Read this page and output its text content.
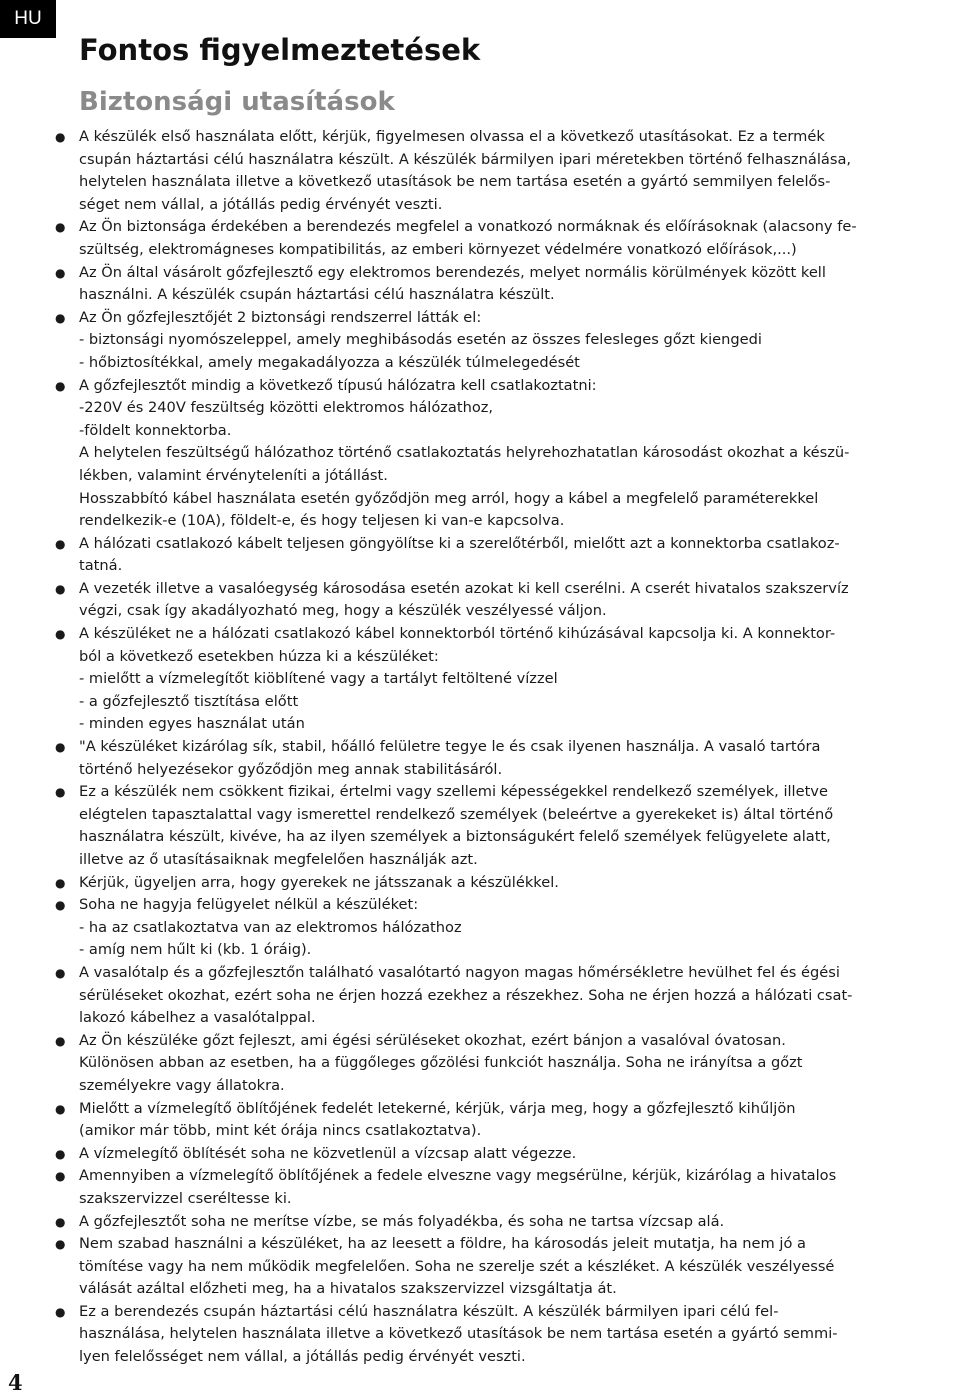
HU
Fontos figyelmeztetések
Biztonsági utasítások
● A készülék első használata előtt, kérjük, figyelmesen olvassa el a következő utasításokat. Ez a termék
csupán háztartási célú használatra készült. A készülék bármilyen ipari méretekben történő felhasználása,
helytelen használata illetve a következő utasítások be nem tartása esetén a gyártó semmilyen felelős-
séget nem vállal, a jótállás pedig érvényét veszti.
● Az Ön biztonsága érdekében a berendezés megfelel a vonatkozó normáknak és előírásoknak (alacsony fe-
szültség, elektromágneses kompatibilitás, az emberi környezet védelmére vonatkozó előírások,...)
● Az Ön által vásárolt gőzfejlesztő egy elektromos berendezés, melyet normális körülmények között kell
használni. A készülék csupán háztartási célú használatra készült.
● Az Ön gőzfejlesztőjét 2 biztonsági rendszerrel látták el:
- biztonsági nyomószeleppel, amely meghibásodás esetén az összes felesleges gőzt kiengedi
- hőbiztosítékkal, amely megakadályozza a készülék túlmelegedését
● A gőzfejlesztőt mindig a következő típusú hálózatra kell csatlakoztatni:
-220V és 240V feszültség közötti elektromos hálózathoz,
-földelt konnektorba.
A helytelen feszültségű hálózathoz történő csatlakoztatás helyrehozhatatlan károsodást okozhat a készü-
lékben, valamint érvényteleníti a jótállást.
Hosszabbító kábel használata esetén győződjön meg arról, hogy a kábel a megfelelő paraméterekkel
rendelkezik-e (10A), földelt-e, és hogy teljesen ki van-e kapcsolva.
● A hálózati csatlakozó kábelt teljesen göngyölítse ki a szerelőtérből, mielőtt azt a konnektorba csatlakoz-
tatná.
● A vezeték illetve a vasalóegység károsodása esetén azokat ki kell cserélni. A cserét hivatalos szakszervíz
végzi, csak így akadályozható meg, hogy a készülék veszélyessé váljon.
● A készüléket ne a hálózati csatlakozó kábel konnektorból történő kihúzásával kapcsolja ki. A konnektor-
ból a következő esetekben húzza ki a készüléket:
- mielőtt a vízmelegítőt kiöblítené vagy a tartályt feltöltené vízzel
- a gőzfejlesztő tisztítása előtt
- minden egyes használat után
● "A készüléket kizárólag sík, stabil, hőálló felületre tegye le és csak ilyenen használja. A vasaló tartóra
történő helyezésekor győződjön meg annak stabilitásáról.
● Ez a készülék nem csökkent fizikai, értelmi vagy szellemi képességekkel rendelkező személyek, illetve
elégtelen tapasztalattal vagy ismerettel rendelkező személyek (beleértve a gyerekeket is) által történő
használatra készült, kivéve, ha az ilyen személyek a biztonságukért felelő személyek felügyelete alatt,
illetve az ő utasításaiknak megfelelően használják azt.
● Kérjük, ügyeljen arra, hogy gyerekek ne játsszanak a készülékkel.
● Soha ne hagyja felügyelet nélkül a készüléket:
- ha az csatlakoztatva van az elektromos hálózathoz
- amíg nem hűlt ki (kb. 1 óráig).
● A vasalótalp és a gőzfejlesztőn található vasalótartó nagyon magas hőmérsékletre hevülhet fel és égési
sérüléseket okozhat, ezért soha ne érjen hozzá ezekhez a részekhez. Soha ne érjen hozzá a hálózati csat-
lakozó kábelhez a vasalótalppal.
● Az Ön készüléke gőzt fejleszt, ami égési sérüléseket okozhat, ezért bánjon a vasalóval óvatosan.
Különösen abban az esetben, ha a függőleges gőzölési funkciót használja. Soha ne irányítsa a gőzt
személyekre vagy állatokra.
● Mielőtt a vízmelegítő öblítőjének fedelét letekerné, kérjük, várja meg, hogy a gőzfejlesztő kihűljön
(amikor már több, mint két órája nincs csatlakoztatva).
● A vízmelegítő öblítését soha ne közvetlenül a vízcsap alatt végezze.
● Amennyiben a vízmelegítő öblítőjének a fedele elveszne vagy megsérülne, kérjük, kizárólag a hivatalos
szakszervizzel cseréltesse ki.
● A gőzfejlesztőt soha ne merítse vízbe, se más folyadékba, és soha ne tartsa vízcsap alá.
● Nem szabad használni a készüléket, ha az leesett a földre, ha károsodás jeleit mutatja, ha nem jó a
tömítése vagy ha nem működik megfelelően. Soha ne szerelje szét a készléket. A készülék veszélyessé
válását azáltal előzheti meg, ha a hivatalos szakszervizzel vizsgáltatja át.
● Ez a berendezés csupán háztartási célú használatra készült. A készülék bármilyen ipari célú fel-
használása, helytelen használata illetve a következő utasítások be nem tartása esetén a gyártó semmi-
lyen felelősséget nem vállal, a jótállás pedig érvényét veszti.
4
